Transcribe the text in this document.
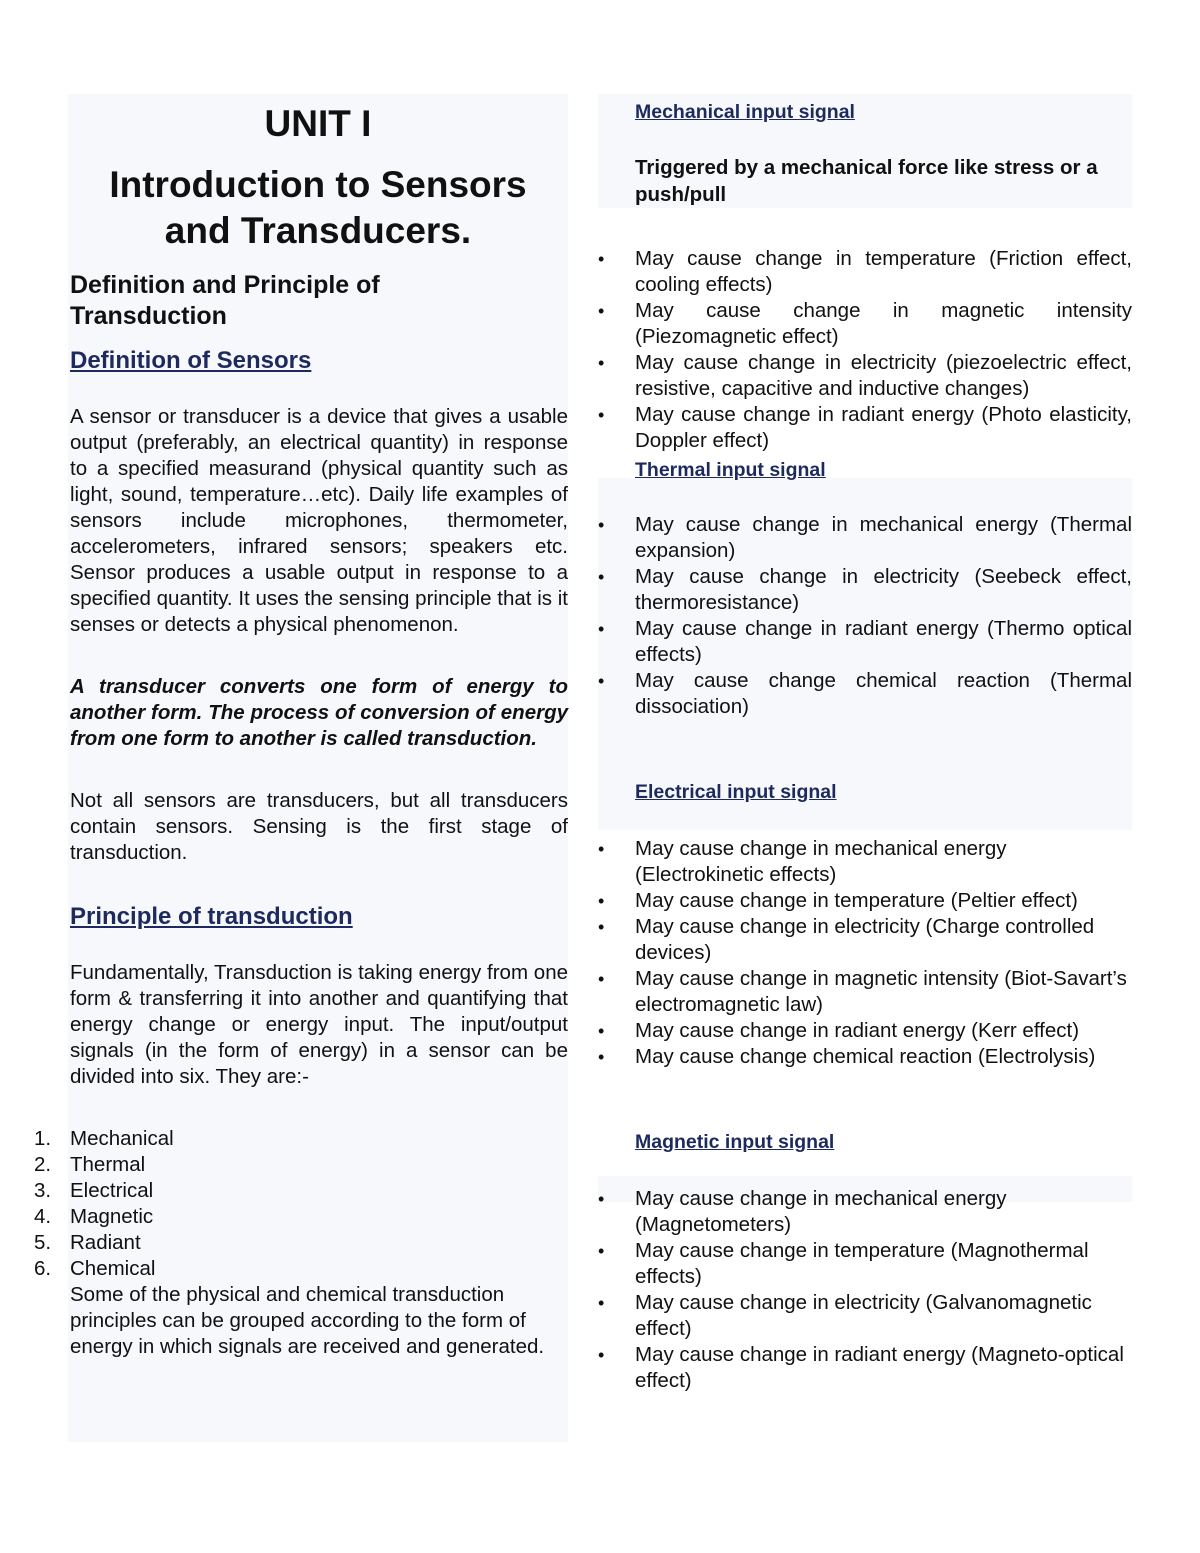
UNIT I
Introduction to Sensors
and Transducers.
Definition and Principle of
Transduction
Definition of Sensors

A sensor or transducer is a device that gives a usable output (preferably, an electrical quantity) in response to a specified measurand (physical quantity such as light, sound, temperature…etc). Daily life examples of sensors include microphones, thermometer, accelerometers, infrared sensors; speakers etc. Sensor produces a usable output in response to a specified quantity. It uses the sensing principle that is it senses or detects a physical phenomenon.

A transducer converts one form of energy to another form. The process of conversion of energy from one form to another is called transduction.

Not all sensors are transducers, but all transducers contain sensors. Sensing is the first stage of transduction.

Principle of transduction

Fundamentally, Transduction is taking energy from one form & transferring it into another and quantifying that energy change or energy input. The input/output signals (in the form of energy) in a sensor can be divided into six. They are:-

1. Mechanical
2. Thermal
3. Electrical
4. Magnetic
5. Radiant
6. Chemical

Some of the physical and chemical transduction principles can be grouped according to the form of energy in which signals are received and generated.

Mechanical input signal
Triggered by a mechanical force like stress or a push/pull
•	May cause change in temperature (Friction effect, cooling effects)
•	May cause change in magnetic intensity (Piezomagnetic effect)
•	May cause change in electricity (piezoelectric effect, resistive, capacitive and inductive changes)
•	May cause change in radiant energy (Photo elasticity, Doppler effect)
Thermal input signal
•	May cause change in mechanical energy (Thermal expansion)
•	May cause change in electricity (Seebeck effect, thermoresistance)
•	May cause change in radiant energy (Thermo optical effects)
•	May cause change chemical reaction (Thermal dissociation)
Electrical input signal
•	May cause change in mechanical energy (Electrokinetic effects)
•	May cause change in temperature (Peltier effect)
•	May cause change in electricity (Charge controlled devices)
•	May cause change in magnetic intensity (Biot-Savart’s electromagnetic law)
•	May cause change in radiant energy (Kerr effect)
•	May cause change chemical reaction (Electrolysis)
Magnetic input signal
•	May cause change in mechanical energy (Magnetometers)
•	May cause change in temperature (Magnothermal effects)
•	May cause change in electricity (Galvanomagnetic effect)
•	May cause change in radiant energy (Magneto-optical effect)
